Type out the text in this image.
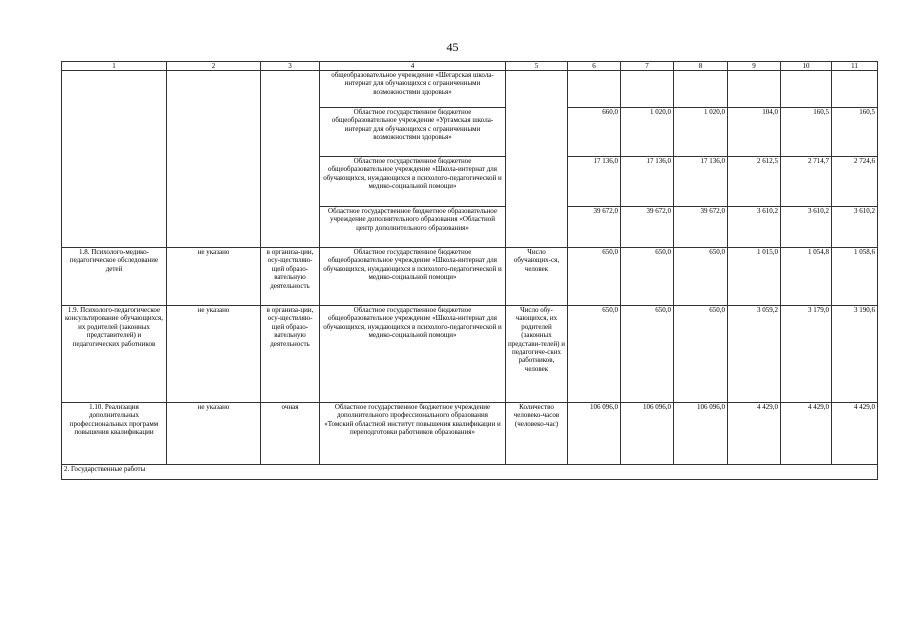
45
1	2	3	4	5	6	7	8	9	10	11
			общеобразовательное учреждение «Шегарская школа-интернат для обучающихся с ограниченными возможностями здоровья»							
			Областное государственное бюджетное общеобразовательное учреждение «Уртамская школа-интернат для обучающихся с ограниченными возможностями здоровья»		660,0	1 020,0	1 020,0	104,0	160,5	160,5
			Областное государственное бюджетное общеобразовательное учреждение «Школа-интернат для обучающихся, нуждающихся в психолого-педагогической и медико-социальной помощи»		17 136,0	17 136,0	17 136,0	2 612,5	2 714,7	2 724,6
			Областное государственное бюджетное образовательное учреждение дополнительного образования «Областной центр дополнительного образования»		39 672,0	39 672,0	39 672,0	3 610,2	3 610,2	3 610,2
1.8. Психолого-медико-педагогическое обследование детей	не указано	в организа-ции, осу-ществляю-щей образо-вательную деятельность	Областное государственное бюджетное общеобразовательное учреждение «Школа-интернат для обучающихся, нуждающихся в психолого-педагогической и медико-социальной помощи»	Число обучающих-ся, человек	650,0	650,0	650,0	1 015,0	1 054,8	1 058,6
1.9. Психолого-педагогическое консультирование обучающихся, их родителей (законных представителей) и педагогических работников	не указано	в организа-ции, осу-ществляю-щей образо-вательную деятельность	Областное государственное бюджетное общеобразовательное учреждение «Школа-интернат для обучающихся, нуждающихся в психолого-педагогической и медико-социальной помощи»	Число обу-чающихся, их родителей (законных представи-телей) и педагогиче-ских работников, человек	650,0	650,0	650,0	3 059,2	3 179,0	3 190,6
1.10. Реализация дополнительных профессиональных программ повышения квалификации	не указано	очная	Областное государственное бюджетное учреждение дополнительного профессионального образования «Томский областной институт повышения квалификации и переподготовки работников образования»	Количество человеко-часов (человеко-час)	106 096,0	106 096,0	106 096,0	4 429,0	4 429,0	4 429,0
2. Государственные работы										
